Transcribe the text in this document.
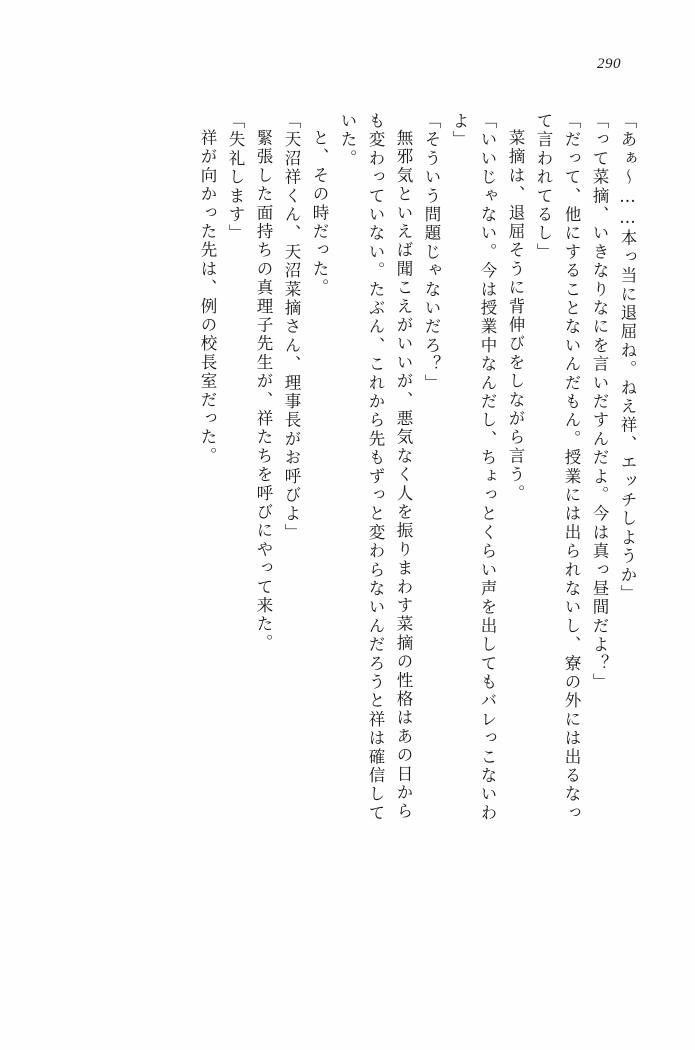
290
「あぁ～……本っ当に退屈ね。ねえ祥、エッチしようか」
「って菜摘、いきなりなにを言いだすんだよ。今は真っ昼間だよ？」
「だって、他にすることないんだもん。授業には出られないし、寮の外には出るなっ
て言われてるし」
菜摘は、退屈そうに背伸びをしながら言う。
「いいじゃない。今は授業中なんだし、ちょっとくらい声を出してもバレっこないわ
よ」
「そういう問題じゃないだろ？」
無邪気といえば聞こえがいいが、悪気なく人を振りまわす菜摘の性格はあの日から
も変わっていない。たぶん、これから先もずっと変わらないんだろうと祥は確信して
いた。
と、その時だった。
「天沼祥くん、天沼菜摘さん、理事長がお呼びよ」
緊張した面持ちの真理子先生が、祥たちを呼びにやって来た。
「失礼します」
祥が向かった先は、例の校長室だった。
